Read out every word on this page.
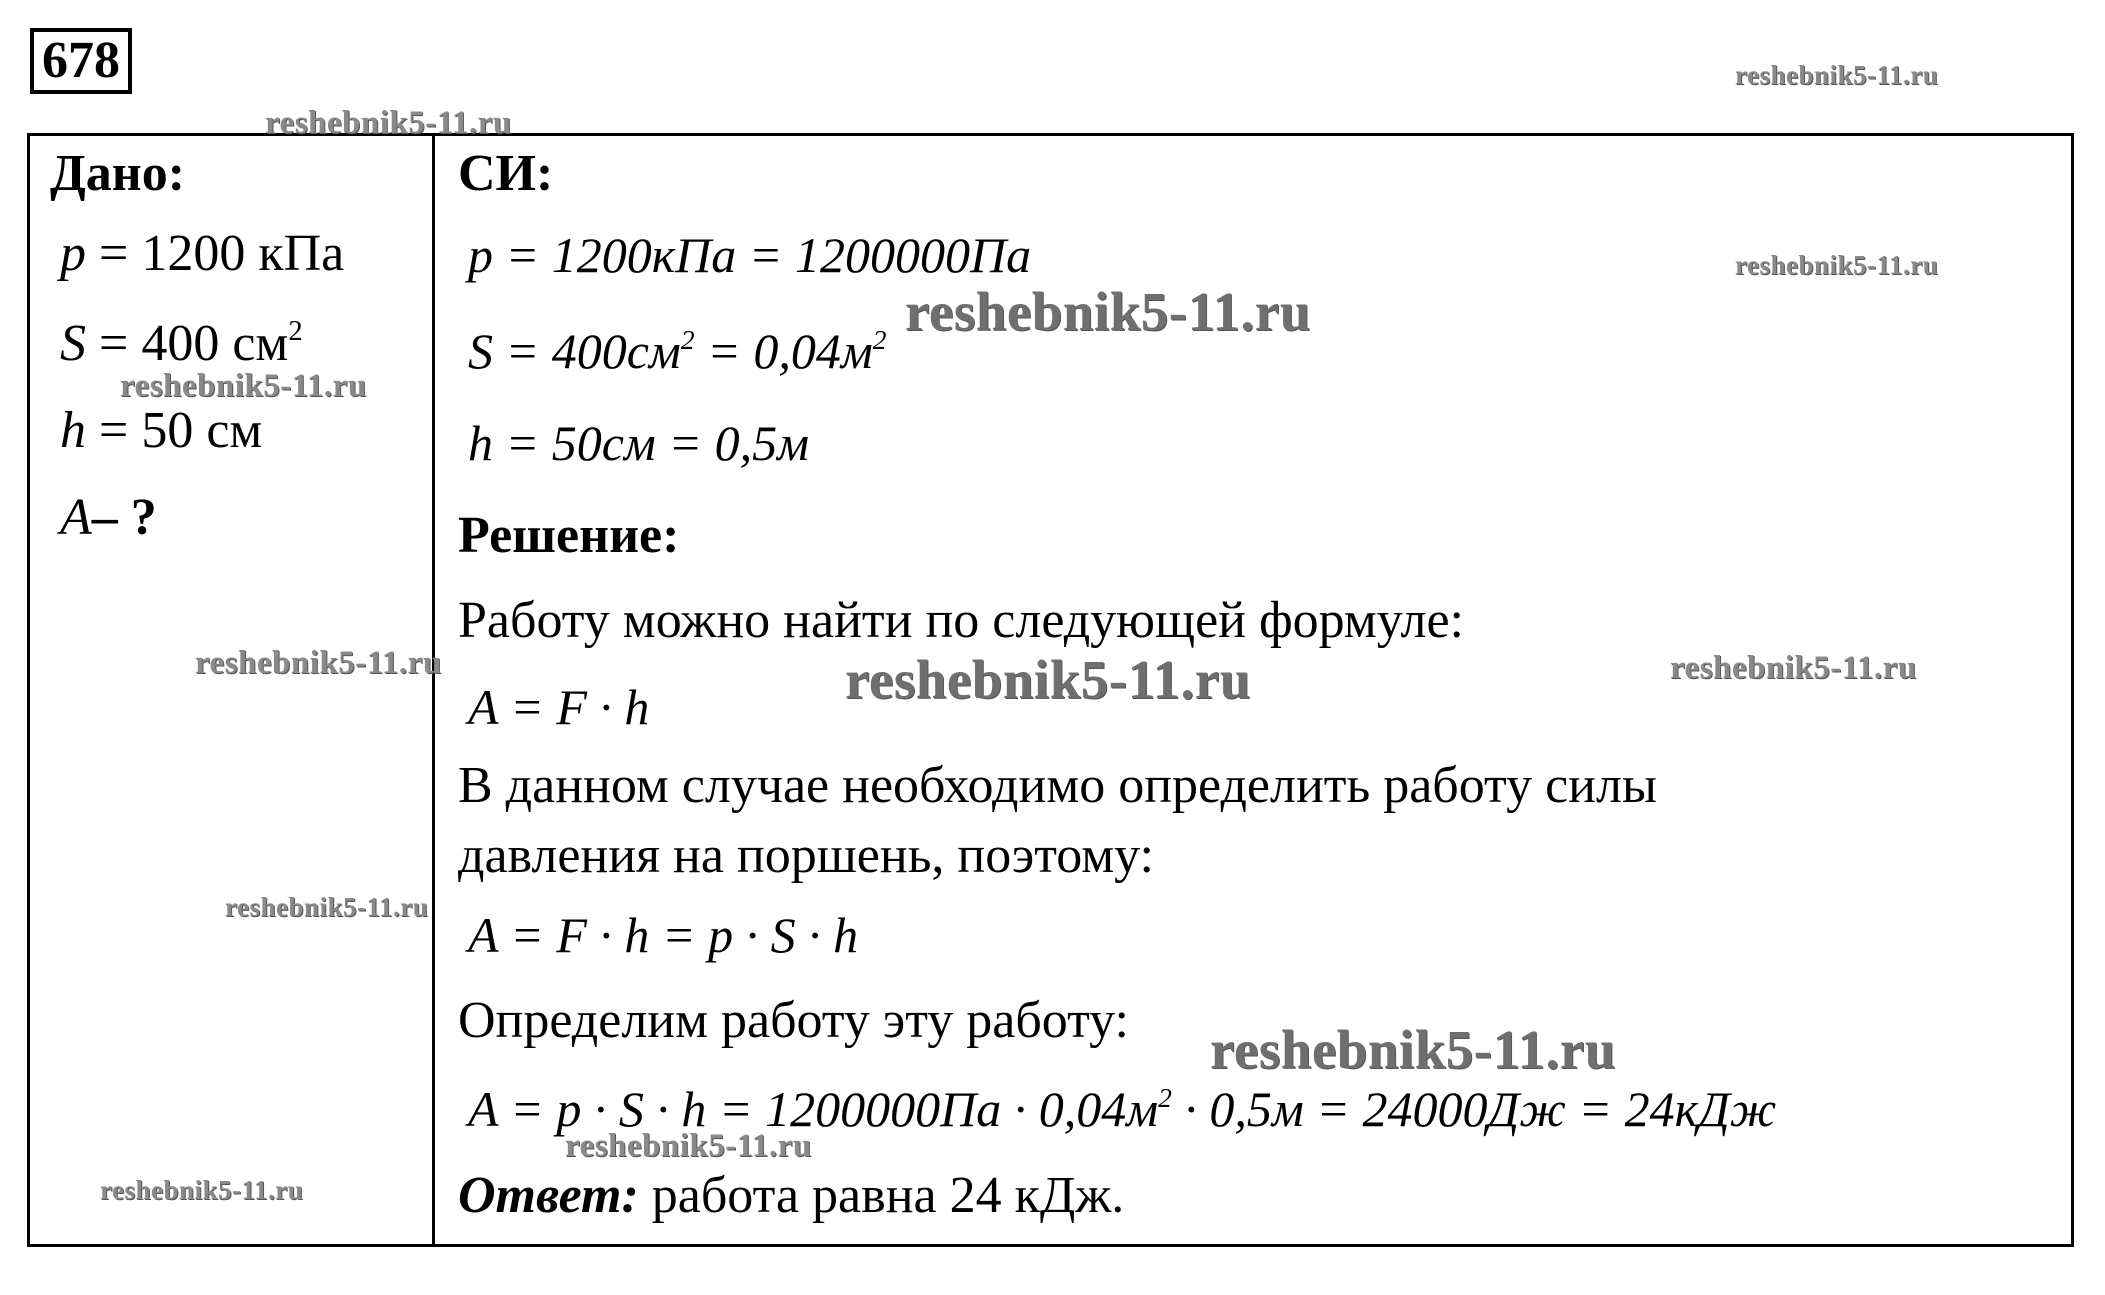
678
Дано:
p = 1200 кПа
S = 400 $см^2$
h = 50 см
A– ?
СИ:
p = 1200кПа = 1200000Па
$S = 400см^2 = 0,04м^2$
h = 50см = 0,5м
Решение:
Работу можно найти по следующей формуле:
A = F · h
В данном случае необходимо определить работу силы
давления на поршень, поэтому:
A = F · h = p · S · h
Определим работу эту работу:
$A = p \cdot S \cdot h = 1200000Па \cdot 0,04м^2 \cdot 0,5м = 24000Дж = 24кДж$
Ответ: работа равна 24 кДж.
reshebnik5-11.ru
reshebnik5-11.ru
reshebnik5-11.ru
reshebnik5-11.ru
reshebnik5-11.ru
reshebnik5-11.ru	reshebnik5-11.ru	reshebnik5-11.ru
reshebnik5-11.ru
reshebnik5-11.ru
reshebnik5-11.ru
reshebnik5-11.ru
